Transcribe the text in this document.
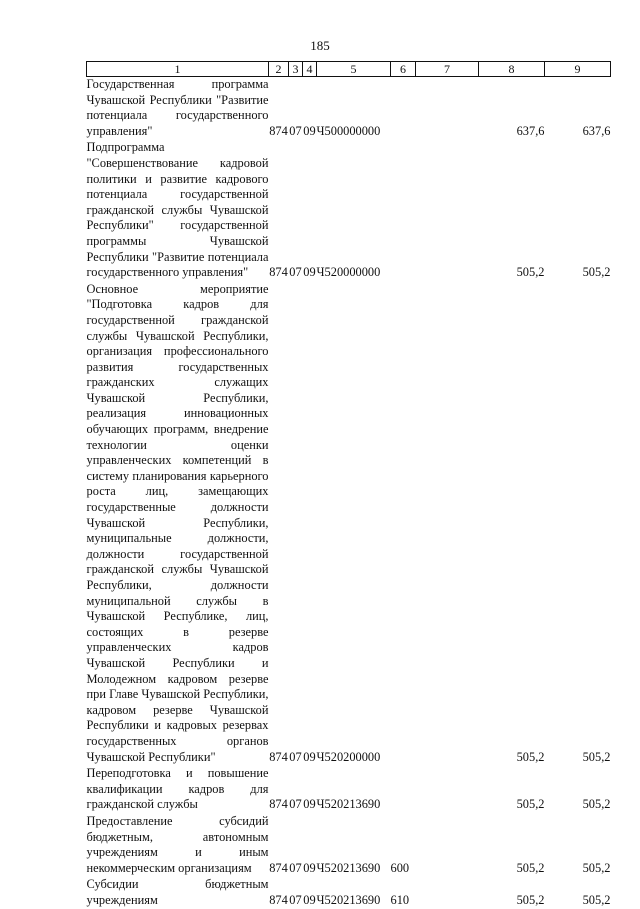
185
1	2	3	4	5	6	7	8	9
Государственная программа Чувашской Республики "Развитие потенциала государственного управления"	874	07	09	Ч500000000			637,6	637,6
Подпрограмма "Совершенствование кадровой политики и развитие кадрового потенциала государственной гражданской службы Чувашской Республики" государственной программы Чувашской Республики "Развитие потенциала государственного управления"	874	07	09	Ч520000000			505,2	505,2
Основное мероприятие "Подготовка кадров для государственной гражданской службы Чувашской Республики, организация профессионального развития государственных гражданских служащих Чувашской Республики, реализация инновационных обучающих программ, внедрение технологии оценки управленческих компетенций в систему планирования карьерного роста лиц, замещающих государственные должности Чувашской Республики, муниципальные должности, должности государственной гражданской службы Чувашской Республики, должности муниципальной службы в Чувашской Республике, лиц, состоящих в резерве управленческих кадров Чувашской Республики и Молодежном кадровом резерве при Главе Чувашской Республики, кадровом резерве Чувашской Республики и кадровых резервах государственных органов Чувашской Республики"	874	07	09	Ч520200000			505,2	505,2
Переподготовка и повышение квалификации кадров для гражданской службы	874	07	09	Ч520213690			505,2	505,2
Предоставление субсидий бюджетным, автономным учреждениям и иным некоммерческим организациям	874	07	09	Ч520213690	600		505,2	505,2
Субсидии бюджетным учреждениям	874	07	09	Ч520213690	610		505,2	505,2
